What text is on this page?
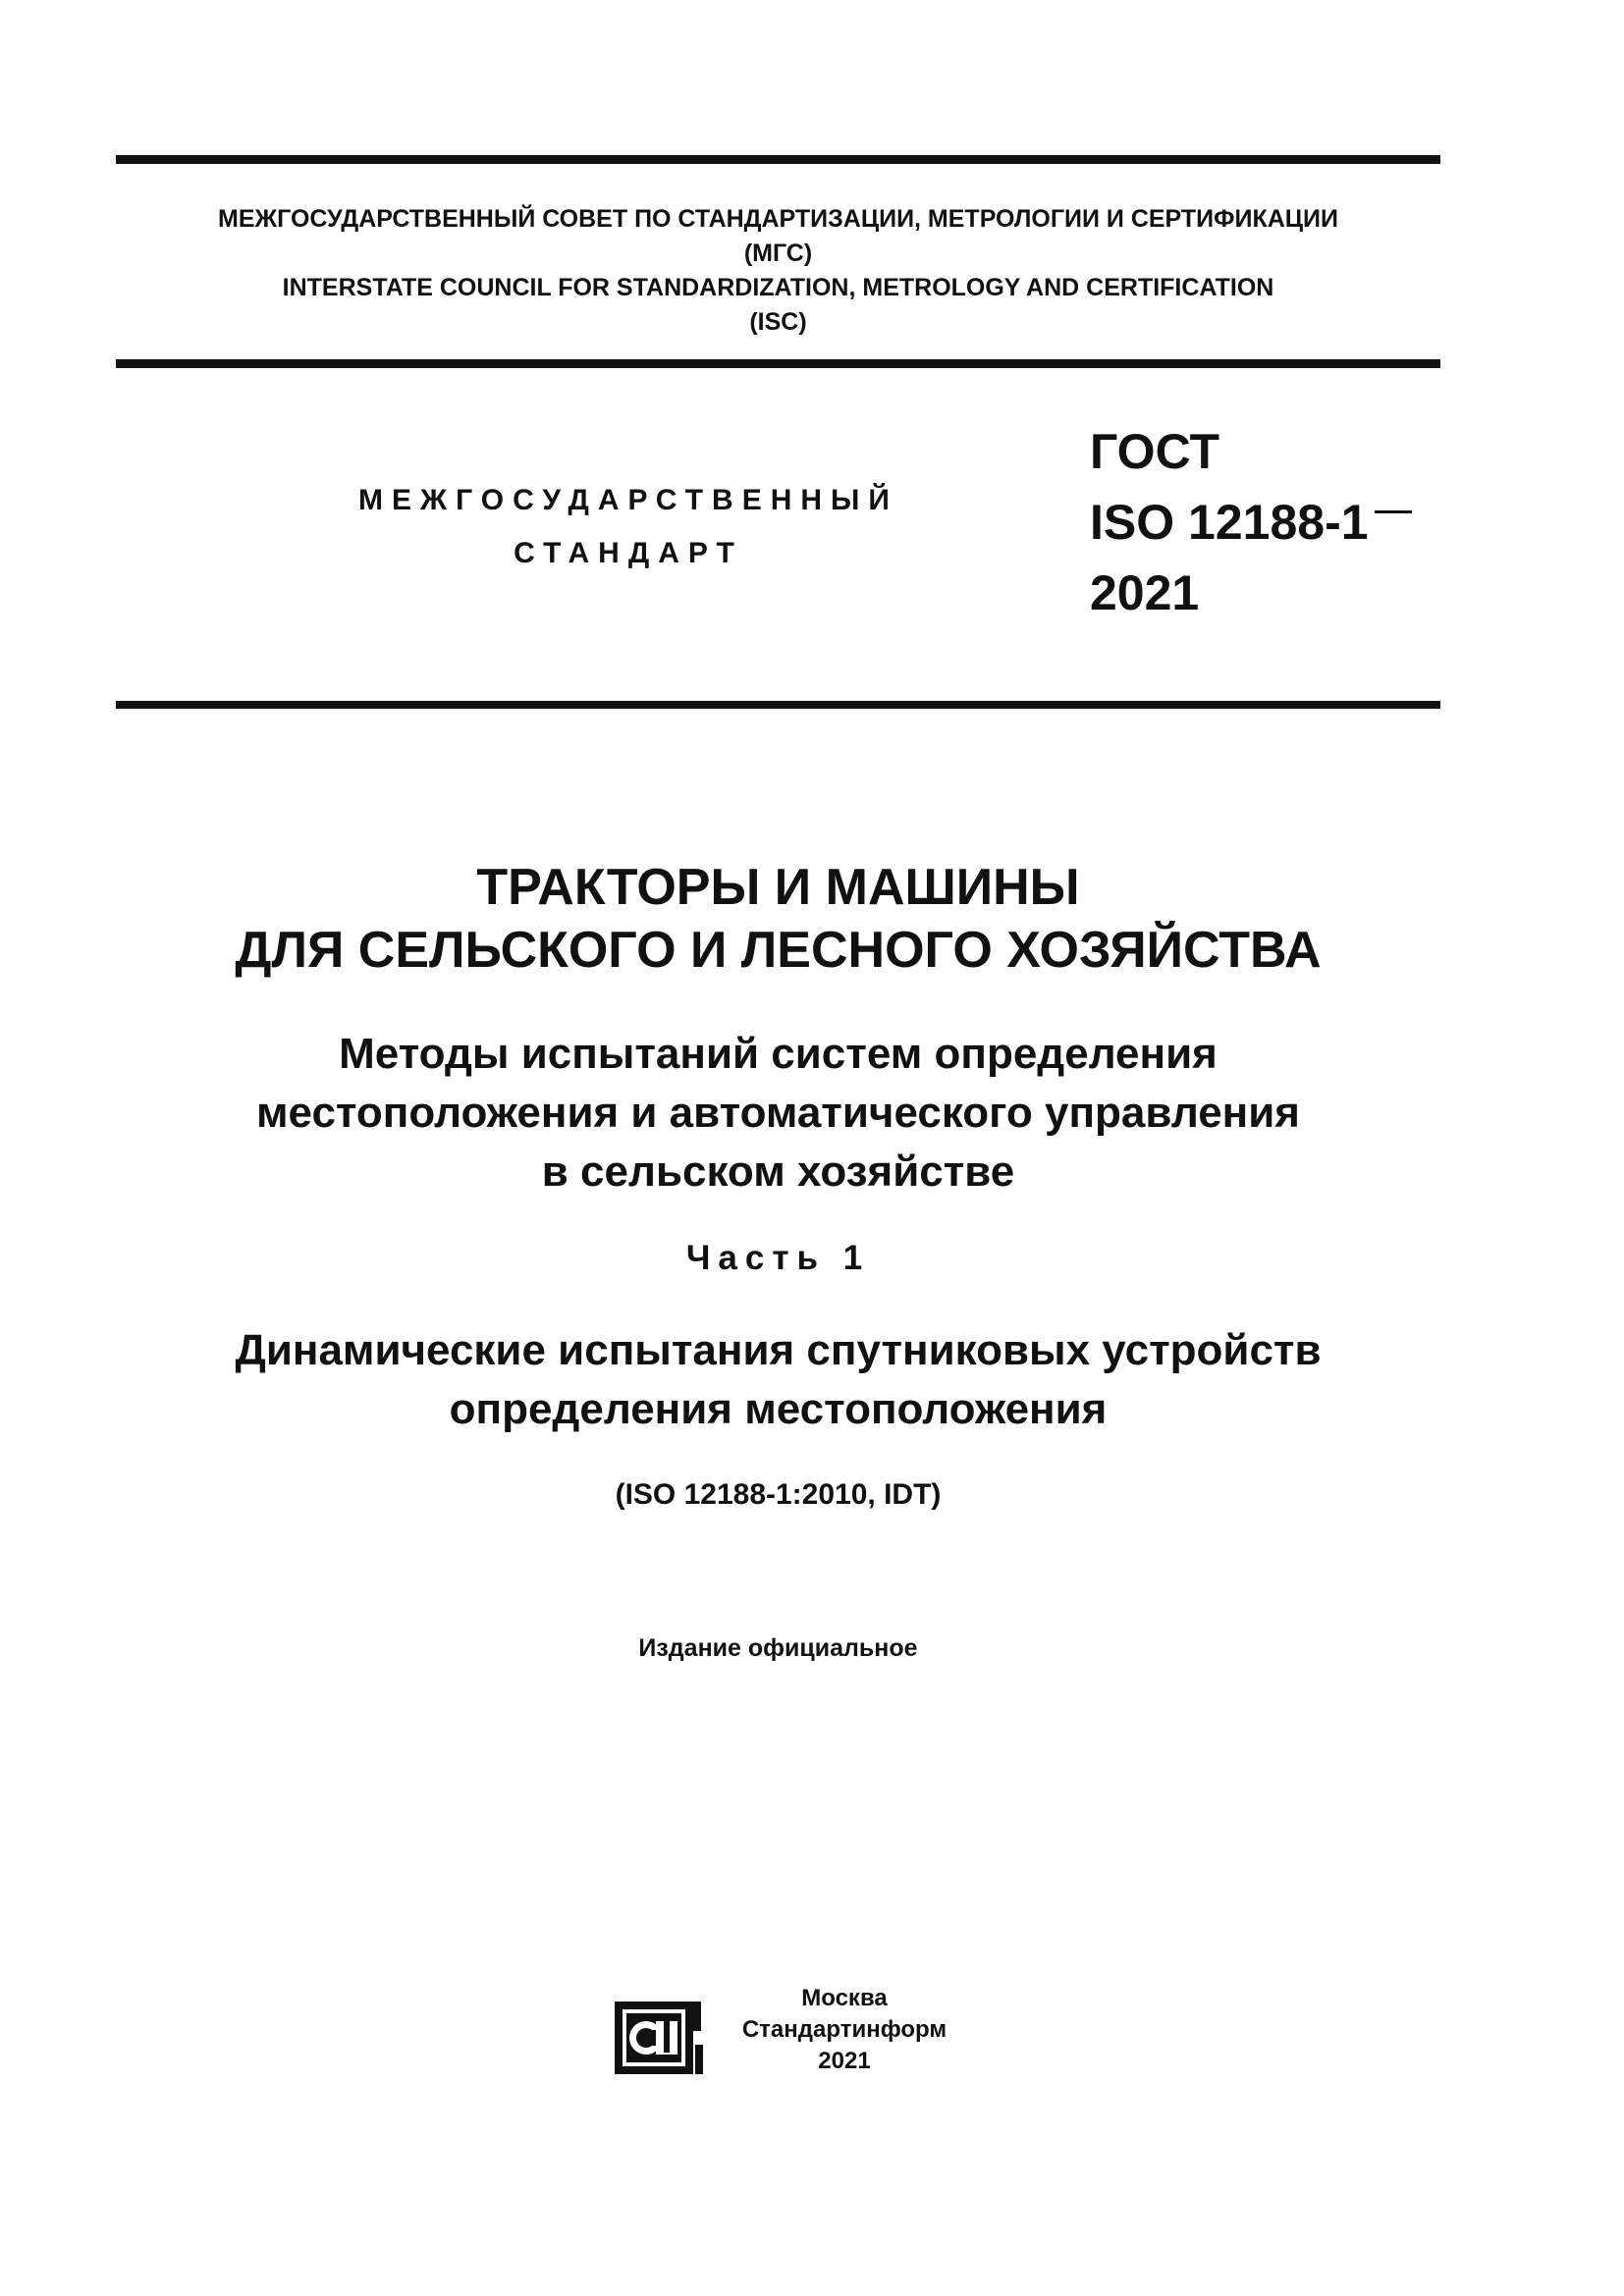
МЕЖГОСУДАРСТВЕННЫЙ СОВЕТ ПО СТАНДАРТИЗАЦИИ, МЕТРОЛОГИИ И СЕРТИФИКАЦИИ
(МГС)
INTERSTATE COUNCIL FOR STANDARDIZATION, METROLOGY AND CERTIFICATION
(ISC)
МЕЖГОСУДАРСТВЕННЫЙ
СТАНДАРТ
ГОСТ
ISO 12188-1
2021
ТРАКТОРЫ И МАШИНЫ
ДЛЯ СЕЛЬСКОГО И ЛЕСНОГО ХОЗЯЙСТВА
Методы испытаний систем определения
местоположения и автоматического управления
в сельском хозяйстве
Часть 1
Динамические испытания спутниковых устройств
определения местоположения
(ISO 12188-1:2010, IDT)
Издание официальное
Москва
Стандартинформ
2021
